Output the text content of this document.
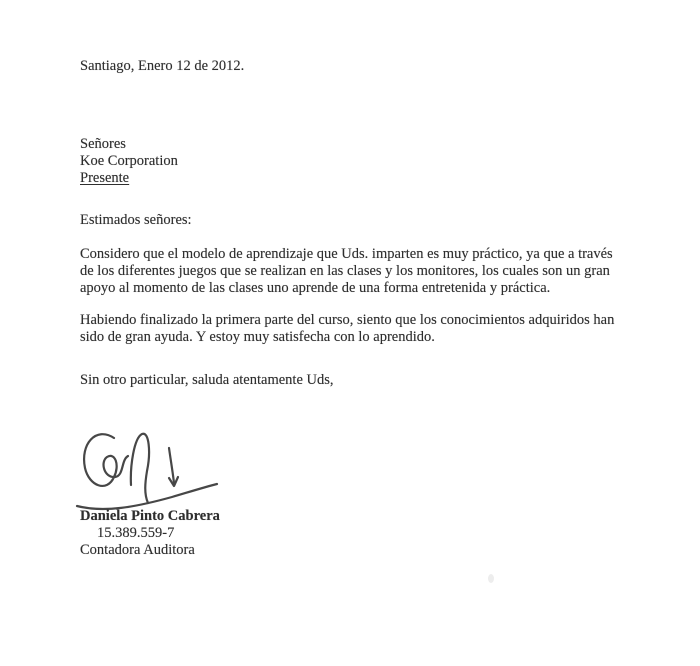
Santiago, Enero 12 de 2012.
Señores
Koe Corporation
Presente
Estimados señores:
Considero que el modelo de aprendizaje que Uds. imparten es muy práctico, ya que a través
de los diferentes juegos que se realizan en las clases y los monitores, los cuales son un gran
apoyo al momento de las clases uno aprende de una forma entretenida y práctica.
Habiendo finalizado la primera parte del curso, siento que los conocimientos adquiridos han
sido de gran ayuda. Y estoy muy satisfecha con lo aprendido.
Sin otro particular, saluda atentamente Uds,
Daniela Pinto Cabrera
15.389.559-7
Contadora Auditora
